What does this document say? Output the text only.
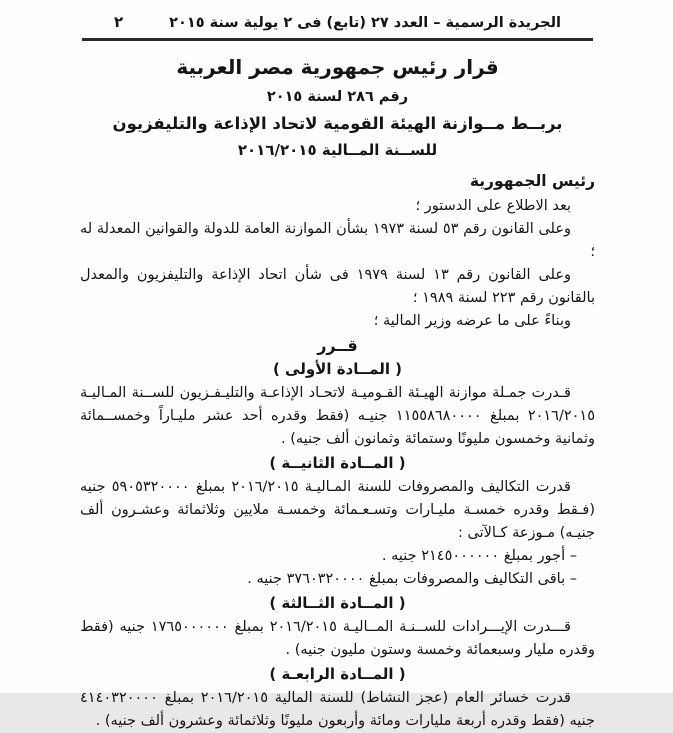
الجريدة الرسمية – العدد ٢٧ (تابع) فى ٢ يولية سنة ٢٠١٥
٢
قرار رئيس جمهورية مصر العربية
رقم ٢٨٦ لسنة ٢٠١٥
بربــط مــوازنة الهيئة القومية لاتحاد الإذاعة والتليفزيون
للســنة المــالية ٢٠١٦/٢٠١٥

رئيس الجمهورية

بعد الاطلاع على الدستور ؛

وعلى القانون رقم ٥٣ لسنة ١٩٧٣ بشأن الموازنة العامة للدولة والقوانين المعدلة له ؛

وعلى القانون رقم ١٣ لسنة ١٩٧٩ فى شأن اتحاد الإذاعة والتليفزيون والمعدل بالقانون رقم ٢٢٣ لسنة ١٩٨٩ ؛

وبناءً على ما عرضه وزير المالية ؛

قــرر

( المــادة الأولى )

قـدرت جمـلة موازنة الهيـئة القـوميـة لاتحـاد الإذاعـة والتليـفـزيون للســنة المـاليـة ٢٠١٦/٢٠١٥ بمبلغ ١١٥٥٨٦٨٠٠٠٠ جنيـه (فقط وقدره أحد عشر مليـاراً وخمســمائة وثمانية وخمسون مليونًا وستمائة وثمانون ألف جنيه) .

( المــادة الثانيــة )

قدرت التكاليف والمصروفات للسنة المـاليـة ٢٠١٦/٢٠١٥ بمبلغ ٥٩٠٥٣٢٠٠٠٠ جنيه (فـقط وقدره خمسـة مليـارات وتسـعـمائة وخمسـة ملايين وثلاثمائة وعشـرون ألف جنيـه) مـوزعة كـالآتى :

– أجور بمبلغ ٢١٤٥٠٠٠٠٠٠ جنيه .

– باقى التكاليف والمصروفات بمبلغ ٣٧٦٠٣٢٠٠٠٠ جنيه .

( المــادة الثــالثة )

قـــدرت الإيـــرادات للســنـة المــاليـة ٢٠١٦/٢٠١٥ بمبلغ ١٧٦٥٠٠٠٠٠٠ جنيه (فقط وقدره مليار وسبعمائة وخمسة وستون مليون جنيه) .

( المــادة الرابعـة )

قدرت خسائر العام (عجز النشاط) للسنة المالية ٢٠١٦/٢٠١٥ بمبلغ ٤١٤٠٣٢٠٠٠٠ جنيه (فقط وقدره أربعة مليارات ومائة وأربعون مليونًا وثلاثمائة وعشرون ألف جنيه) .
